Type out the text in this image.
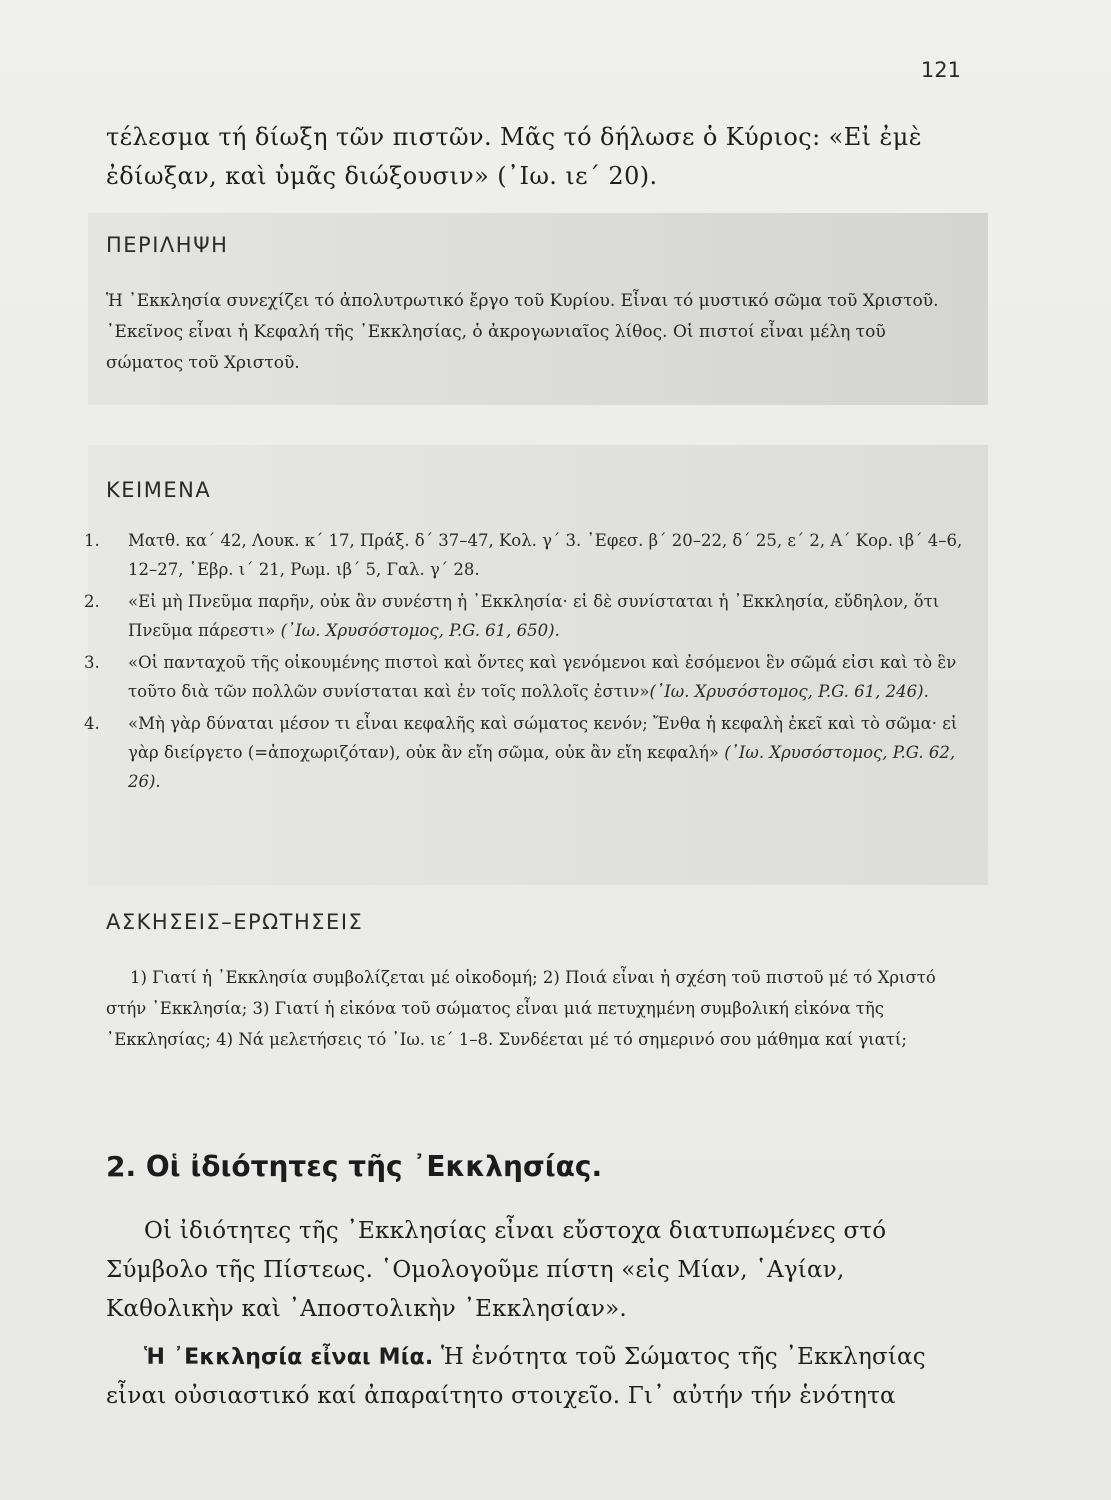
121
τέλεσμα τή δίωξη τῶν πιστῶν. Μᾶς τό δήλωσε ὁ Κύριος: «Εἰ ἐμὲ ἐδίωξαν, καὶ ὑμᾶς διώξουσιν» (᾿Ιω. ιε΄ 20).
ΠΕΡΙΛΗΨΗ
Ἡ ᾿Εκκλησία συνεχίζει τό ἀπολυτρωτικό ἔργο τοῦ Κυρίου. Εἶναι τό μυστικό σῶμα τοῦ Χριστοῦ. ᾿Εκεῖνος εἶναι ἡ Κεφαλή τῆς ᾿Εκκλησίας, ὁ ἀκρογωνιαῖος λίθος. Οἱ πιστοί εἶναι μέλη τοῦ σώματος τοῦ Χριστοῦ.
ΚΕΙΜΕΝΑ
1. Ματθ. κα΄ 42, Λουκ. κ΄ 17, Πράξ. δ΄ 37–47, Κολ. γ΄ 3. ᾿Εφεσ. β΄ 20–22, δ΄ 25, ε΄ 2, Α΄ Κορ. ιβ΄ 4–6, 12–27, ῾Εβρ. ι΄ 21, Ρωμ. ιβ΄ 5, Γαλ. γ΄ 28.
2. «Εἰ μὴ Πνεῦμα παρῆν, οὐκ ἂν συνέστη ἡ ᾿Εκκλησία· εἰ δὲ συνίσταται ἡ ᾿Εκκλησία, εὔδηλον, ὅτι Πνεῦμα πάρεστι» (᾿Ιω. Χρυσόστομος, P.G. 61, 650).
3. «Οἱ πανταχοῦ τῆς οἰκουμένης πιστοὶ καὶ ὄντες καὶ γενόμενοι καὶ ἐσόμενοι ἓν σῶμά εἰσι καὶ τὸ ἓν τοῦτο διὰ τῶν πολλῶν συνίσταται καὶ ἐν τοῖς πολλοῖς ἐστιν»(᾿Ιω. Χρυσόστομος, P.G. 61, 246).
4. «Μὴ γὰρ δύναται μέσον τι εἶναι κεφαλῆς καὶ σώματος κενόν; Ἔνθα ἡ κεφαλὴ ἐκεῖ καὶ τὸ σῶμα· εἰ γὰρ διείργετο (=ἀποχωριζόταν), οὐκ ἂν εἴη σῶμα, οὐκ ἂν εἴη κεφαλή» (᾿Ιω. Χρυσόστομος, P.G. 62, 26).
ΑΣΚΗΣΕΙΣ–ΕΡΩΤΗΣΕΙΣ
1) Γιατί ἡ ᾿Εκκλησία συμβολίζεται μέ οἰκοδομή; 2) Ποιά εἶναι ἡ σχέση τοῦ πιστοῦ μέ τό Χριστό στήν ᾿Εκκλησία; 3) Γιατί ἡ εἰκόνα τοῦ σώματος εἶναι μιά πετυχημένη συμβολική εἰκόνα τῆς ᾿Εκκλησίας; 4) Νά μελετήσεις τό ᾿Ιω. ιε΄ 1–8. Συνδέεται μέ τό σημερινό σου μάθημα καί γιατί;
2. Οἱ ἰδιότητες τῆς ᾿Εκκλησίας.
Οἱ ἰδιότητες τῆς ᾿Εκκλησίας εἶναι εὔστοχα διατυπωμένες στό Σύμβολο τῆς Πίστεως. ῾Ομολογοῦμε πίστη «εἰς Μίαν, ῾Αγίαν, Καθολικὴν καὶ ᾿Αποστολικὴν ᾿Εκκλησίαν».
Ἡ ᾿Εκκλησία εἶναι Μία. Ἡ ἑνότητα τοῦ Σώματος τῆς ᾿Εκκλησίας εἶναι οὐσιαστικό καί ἀπαραίτητο στοιχεῖο. Γι᾿ αὐτήν τήν ἑνότητα
